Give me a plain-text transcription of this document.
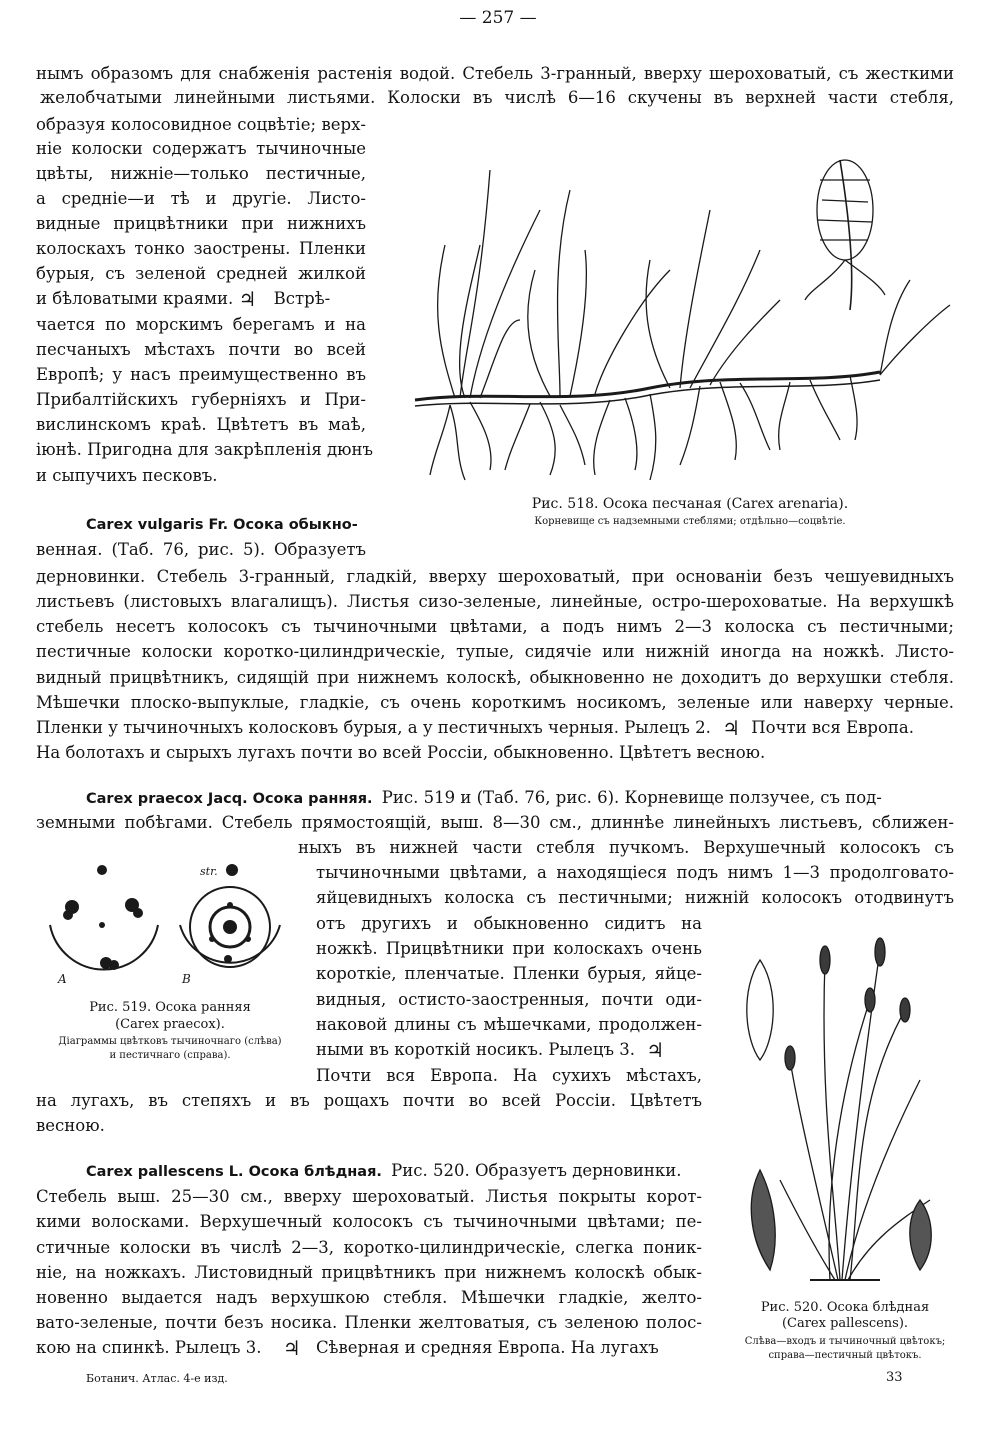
— 257 —
нымъ образомъ для снабженія растенія водой. Стебель 3-гранный, вверху шероховатый, съ жесткими
желобчатыми линейными листьями. Колоски въ числѣ 6—16 скучены въ верхней части стебля,
образуя колосовидное соцвѣтіе; верх-
ніе колоски содержатъ тычиночные
цвѣты, нижніе—только пестичные,
а средніе—и тѣ и другіе. Листо-
видные прицвѣтники при нижнихъ
колоскахъ тонко заострены. Пленки
бурыя, съ зеленой средней жилкой
и бѣловатыми краями. ♃ Встрѣ-
чается по морскимъ берегамъ и на
песчаныхъ мѣстахъ почти во всей
Европѣ; у насъ преимущественно въ
Прибалтійскихъ губерніяхъ и При-
вислинскомъ краѣ. Цвѣтетъ въ маѣ,
іюнѣ. Пригодна для закрѣпленія дюнъ
и сыпучихъ песковъ.
Рис. 518. Осока песчаная (Carex arenaria).
Корневище съ надземными стеблями; отдѣльно—соцвѣтіе.
Carex vulgaris Fr. Осока обыкно-
венная. (Таб. 76, рис. 5). Образуетъ
дерновинки. Стебель 3-гранный, гладкій, вверху шероховатый, при основаніи безъ чешуевидныхъ
листьевъ (листовыхъ влагалищъ). Листья сизо-зеленые, линейные, остро-шероховатые. На верхушкѣ
стебель несетъ колосокъ съ тычиночными цвѣтами, а подъ нимъ 2—3 колоска съ пестичными;
пестичные колоски коротко-цилиндрическіе, тупые, сидячіе или нижній иногда на ножкѣ. Листо-
видный прицвѣтникъ, сидящій при нижнемъ колоскѣ, обыкновенно не доходитъ до верхушки стебля.
Мѣшечки плоско-выпуклые, гладкіе, съ очень короткимъ носикомъ, зеленые или наверху черные.
Пленки у тычиночныхъ колосковъ бурыя, а у пестичныхъ черныя. Рылецъ 2. ♃ Почти вся Европа.
На болотахъ и сырыхъ лугахъ почти во всей Россіи, обыкновенно. Цвѣтетъ весною.
Carex praecox Jacq. Осока ранняя. Рис. 519 и (Таб. 76, рис. 6). Корневище ползучее, съ под-
земными побѣгами. Стебель прямостоящій, выш. 8—30 см., длиннѣе линейныхъ листьевъ, сближен-
ныхъ въ нижней части стебля пучкомъ. Верхушечный колосокъ съ
тычиночными цвѣтами, а находящіеся подъ нимъ 1—3 продолговато-
яйцевидныхъ колоска съ пестичными; нижній колосокъ отодвинутъ
отъ другихъ и обыкновенно сидитъ на
ножкѣ. Прицвѣтники при колоскахъ очень
короткіе, пленчатые. Пленки бурыя, яйце-
видныя, остисто-заостренныя, почти оди-
наковой длины съ мѣшечками, продолжен-
ными въ короткій носикъ. Рылецъ 3. ♃
Почти вся Европа. На сухихъ мѣстахъ,
на лугахъ, въ степяхъ и въ рощахъ почти во всей Россіи. Цвѣтетъ
весною.
A	B
str.
Рис. 519. Осока ранняя
(Carex praecox).
Діаграммы цвѣтковъ тычиночнаго (слѣва)
и пестичнаго (справа).
Рис. 520. Осока блѣдная
(Carex pallescens).
Слѣва—входъ и тычиночный цвѣтокъ;
справа—пестичный цвѣтокъ.
Carex pallescens L. Осока блѣдная. Рис. 520. Образуетъ дерновинки.
Стебель выш. 25—30 см., вверху шероховатый. Листья покрыты корот-
кими волосками. Верхушечный колосокъ съ тычиночными цвѣтами; пе-
стичные колоски въ числѣ 2—3, коротко-цилиндрическіе, слегка поник-
ніе, на ножкахъ. Листовидный прицвѣтникъ при нижнемъ колоскѣ обык-
новенно выдается надъ верхушкою стебля. Мѣшечки гладкіе, желто-
вато-зеленые, почти безъ носика. Пленки желтоватыя, съ зеленою полос-
кою на спинкѣ. Рылецъ 3. ♃ Сѣверная и средняя Европа. На лугахъ
Ботанич. Атлас. 4-е изд.	33
